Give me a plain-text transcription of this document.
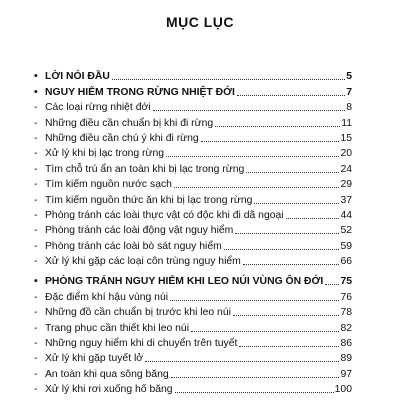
MỤC LỤC
• LỜI NÓI ĐẦU	5
• NGUY HIỂM TRONG RỪNG NHIỆT ĐỚI	7
- Các loại rừng nhiệt đới	8
- Những điều cần chuẩn bị khi đi rừng	11
- Những điều cần chú ý khi đi rừng	15
- Xử lý khi bị lạc trong rừng	20
- Tìm chỗ trú ẩn an toàn khi bị lạc trong rừng	24
- Tìm kiếm nguồn nước sạch	29
- Tìm kiếm nguồn thức ăn khi bị lạc trong rừng	37
- Phòng tránh các loài thực vật có độc khi đi dã ngoại	44
- Phòng tránh các loài động vật nguy hiểm	52
- Phòng tránh các loài bò sát nguy hiểm	59
- Xử lý khi gặp các loại côn trùng nguy hiểm	66
• PHÒNG TRÁNH NGUY HIỂM KHI LEO NÚI VÙNG ÔN ĐỚI 75
- Đặc điểm khí hậu vùng núi	76
- Những đồ cần chuẩn bị trước khi leo núi	78
- Trang phục cần thiết khi leo núi	82
- Những nguy hiểm khi di chuyển trên tuyết	86
- Xử lý khi gặp tuyết lở	89
- An toàn khi qua sông băng	97
- Xử lý khi rơi xuống hố băng	100
